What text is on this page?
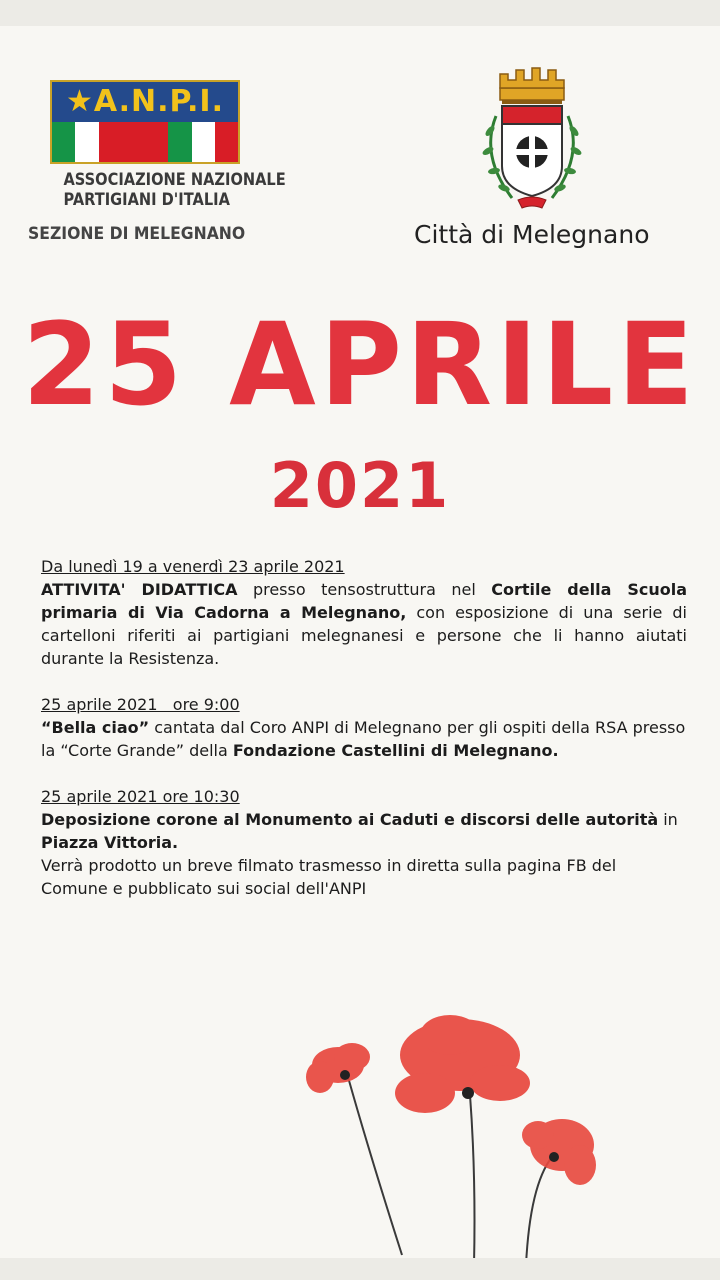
★A.N.P.I.
ASSOCIAZIONE NAZIONALE
PARTIGIANI D'ITALIA
SEZIONE DI MELEGNANO	Città di Melegnano
25 APRILE
2021

Da lunedì 19 a venerdì 23 aprile 2021

ATTIVITA' DIDATTICA presso tensostruttura nel Cortile della Scuola primaria di Via Cadorna a Melegnano, con esposizione di una serie di cartelloni riferiti ai partigiani melegnanesi e persone che li hanno aiutati durante la Resistenza.

25 aprile 2021   ore 9:00

“Bella ciao” cantata dal Coro ANPI di Melegnano per gli ospiti della RSA presso la “Corte Grande” della Fondazione Castellini di Melegnano.

25 aprile 2021 ore 10:30

Deposizione corone al Monumento ai Caduti e discorsi delle autorità in Piazza Vittoria.

Verrà prodotto un breve filmato trasmesso in diretta sulla pagina FB del Comune e pubblicato sui social dell'ANPI
